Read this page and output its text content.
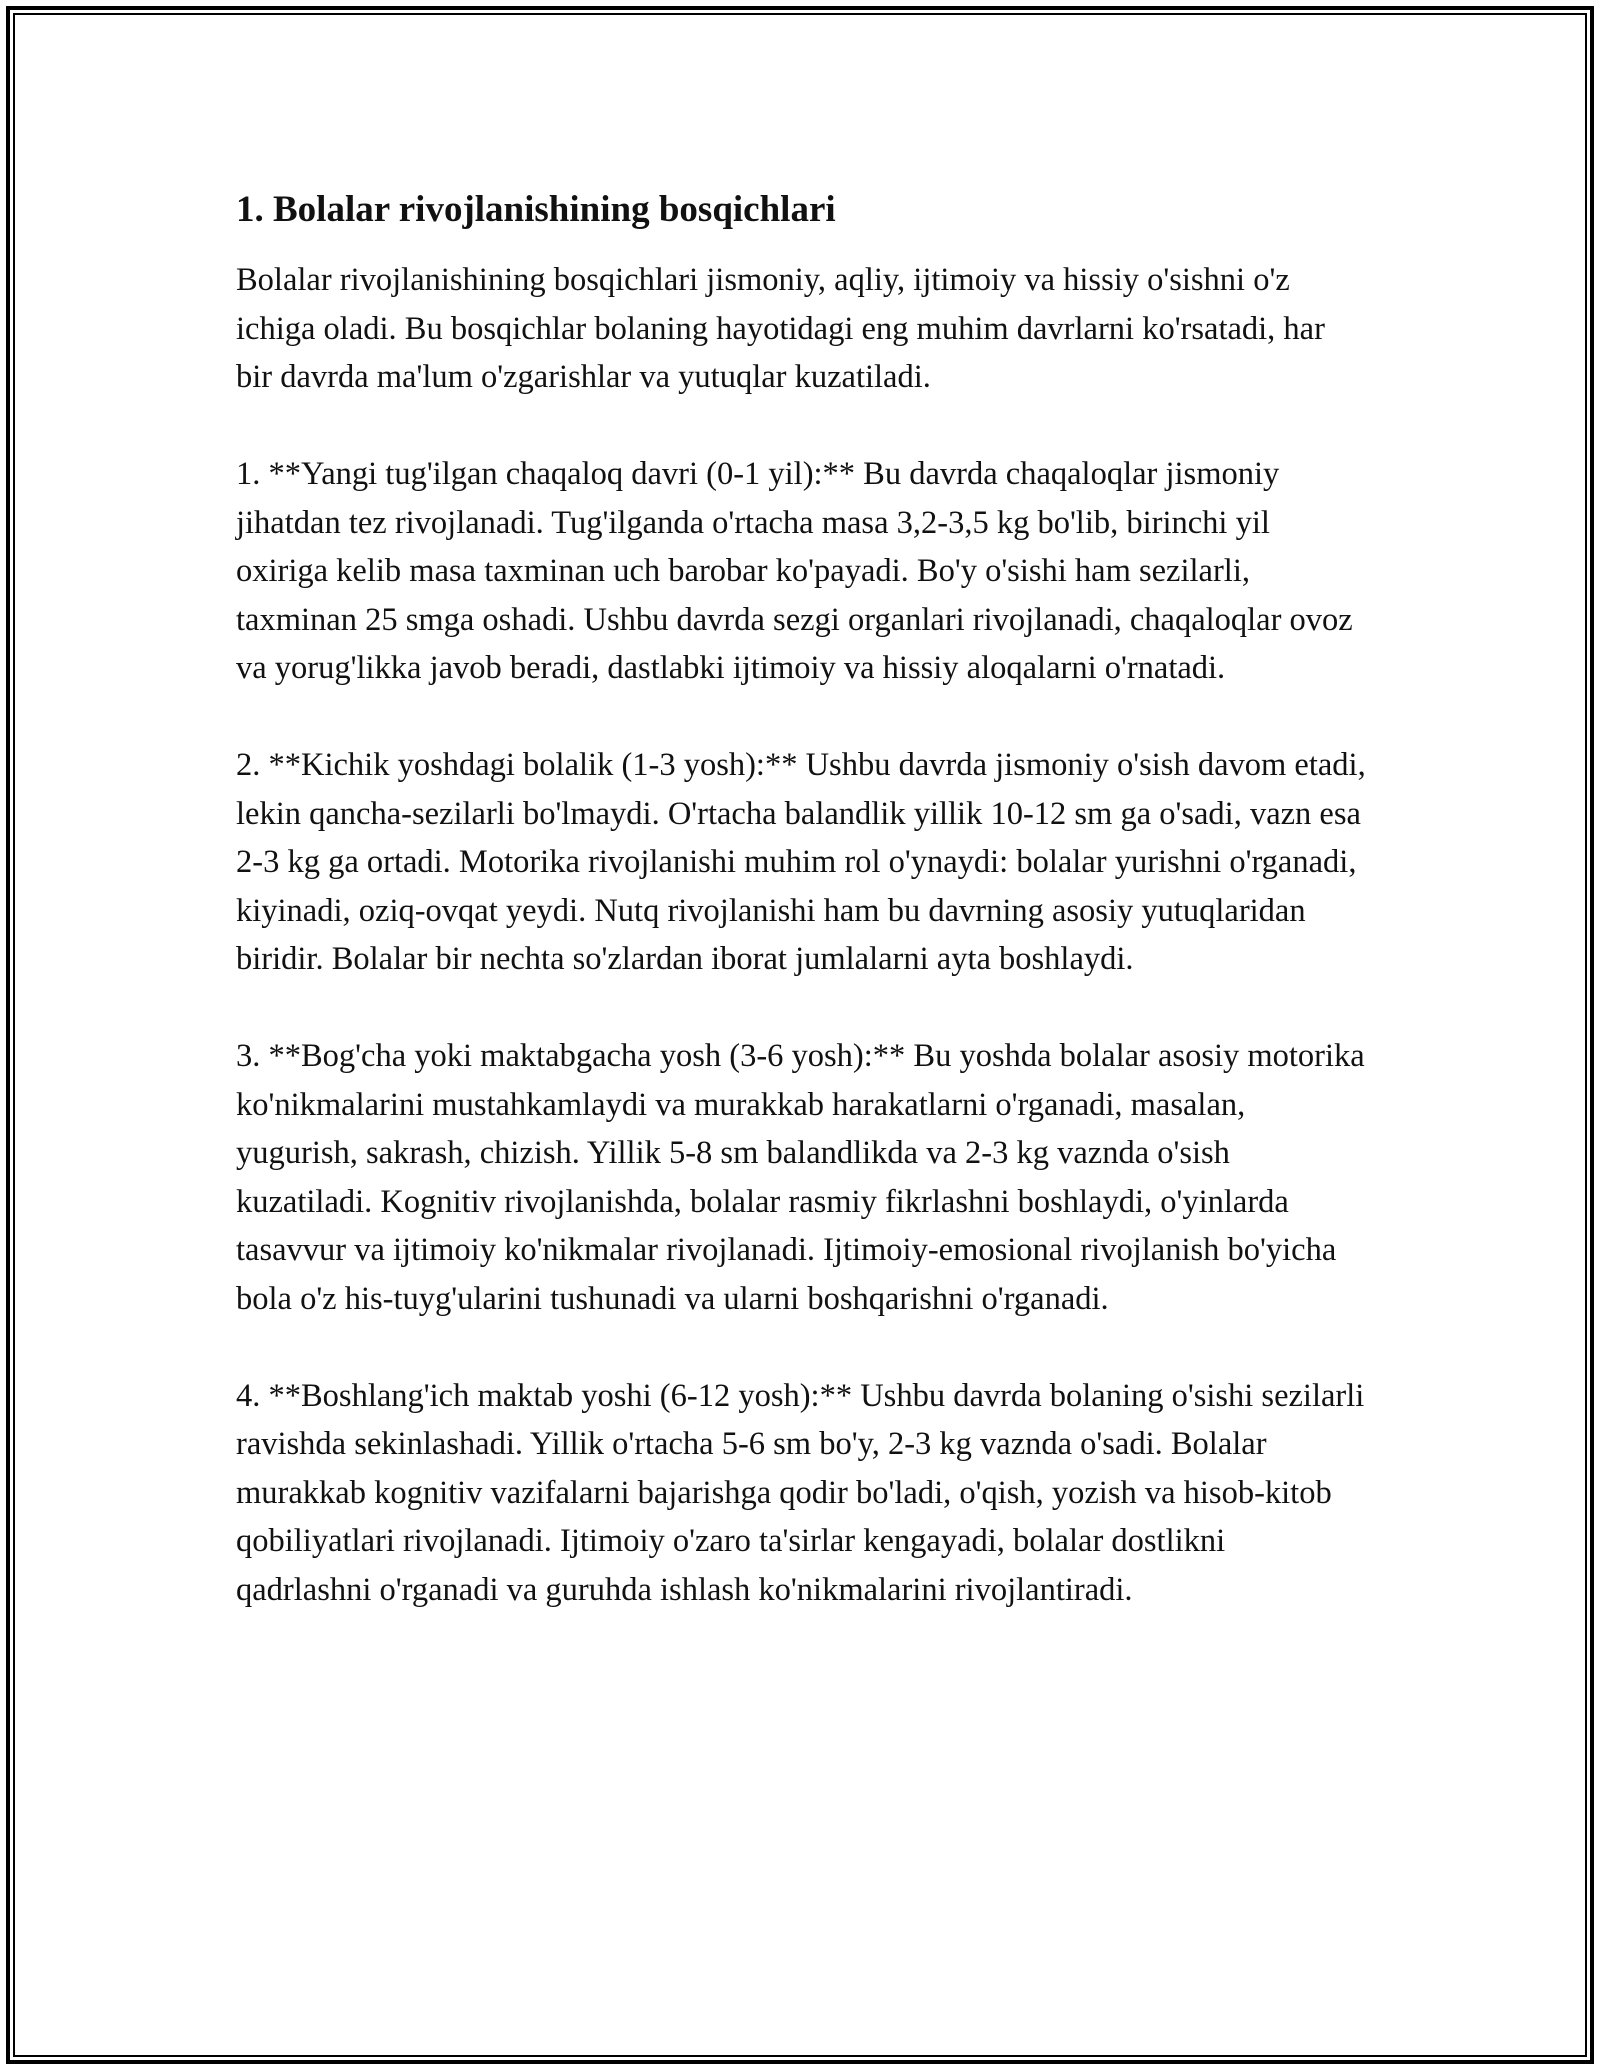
1. Bolalar rivojlanishining bosqichlari

Bolalar rivojlanishining bosqichlari jismoniy, aqliy, ijtimoiy va hissiy o'sishni o'z ichiga oladi. Bu bosqichlar bolaning hayotidagi eng muhim davrlarni ko'rsatadi, har bir davrda ma'lum o'zgarishlar va yutuqlar kuzatiladi.

1. **Yangi tug'ilgan chaqaloq davri (0-1 yil):** Bu davrda chaqaloqlar jismoniy jihatdan tez rivojlanadi. Tug'ilganda o'rtacha masa 3,2-3,5 kg bo'lib, birinchi yil oxiriga kelib masa taxminan uch barobar ko'payadi. Bo'y o'sishi ham sezilarli, taxminan 25 smga oshadi. Ushbu davrda sezgi organlari rivojlanadi, chaqaloqlar ovoz va yorug'likka javob beradi, dastlabki ijtimoiy va hissiy aloqalarni o'rnatadi.

2. **Kichik yoshdagi bolalik (1-3 yosh):** Ushbu davrda jismoniy o'sish davom etadi, lekin qancha-sezilarli bo'lmaydi. O'rtacha balandlik yillik 10-12 sm ga o'sadi, vazn esa 2-3 kg ga ortadi. Motorika rivojlanishi muhim rol o'ynaydi: bolalar yurishni o'rganadi, kiyinadi, oziq-ovqat yeydi. Nutq rivojlanishi ham bu davrning asosiy yutuqlaridan biridir. Bolalar bir nechta so'zlardan iborat jumlalarni ayta boshlaydi.

3. **Bog'cha yoki maktabgacha yosh (3-6 yosh):** Bu yoshda bolalar asosiy motorika ko'nikmalarini mustahkamlaydi va murakkab harakatlarni o'rganadi, masalan, yugurish, sakrash, chizish. Yillik 5-8 sm balandlikda va 2-3 kg vaznda o'sish kuzatiladi. Kognitiv rivojlanishda, bolalar rasmiy fikrlashni boshlaydi, o'yinlarda tasavvur va ijtimoiy ko'nikmalar rivojlanadi. Ijtimoiy-emosional rivojlanish bo'yicha bola o'z his-tuyg'ularini tushunadi va ularni boshqarishni o'rganadi.

4. **Boshlang'ich maktab yoshi (6-12 yosh):** Ushbu davrda bolaning o'sishi sezilarli ravishda sekinlashadi. Yillik o'rtacha 5-6 sm bo'y, 2-3 kg vaznda o'sadi. Bolalar murakkab kognitiv vazifalarni bajarishga qodir bo'ladi, o'qish, yozish va hisob-kitob qobiliyatlari rivojlanadi. Ijtimoiy o'zaro ta'sirlar kengayadi, bolalar dostlikni qadrlashni o'rganadi va guruhda ishlash ko'nikmalarini rivojlantiradi.
